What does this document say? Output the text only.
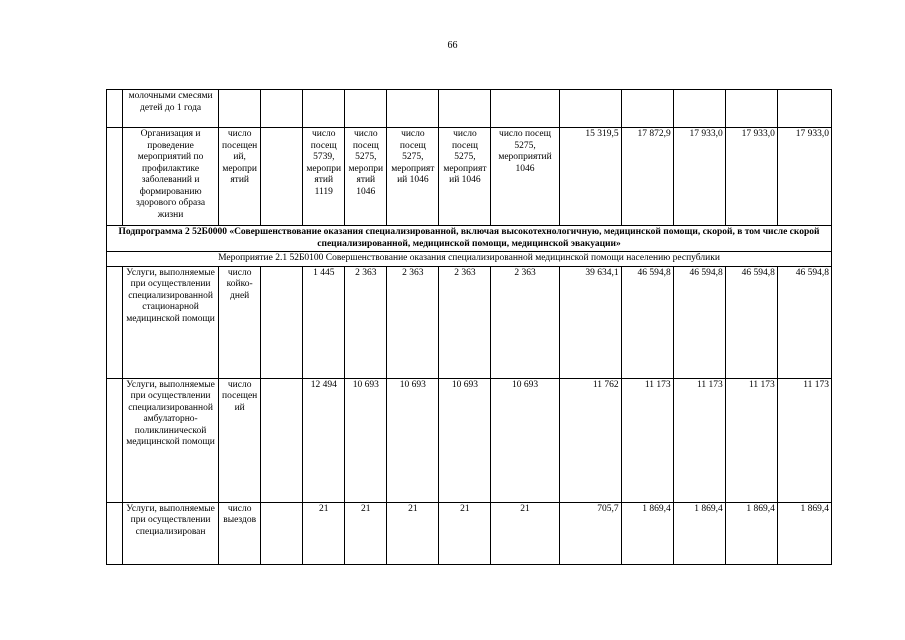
66
	молочными смесями детей до 1 года												
	Организация и проведение мероприятий по профилактике заболеваний и формированию здорового образа жизни	число посещений, мероприятий		число посещ 5739, мероприятий 1119	число посещ 5275, мероприятий 1046	число посещ 5275, мероприятий 1046	число посещ 5275, мероприятий 1046	число посещ 5275, мероприятий 1046	15 319,5	17 872,9	17 933,0	17 933,0	17 933,0
Подпрограмма 2 52Б0000 «Совершенствование оказания специализированной, включая высокотехнологичную, медицинской помощи, скорой, в том числе скорой специализированной, медицинской помощи, медицинской эвакуации»													
Мероприятие 2.1 52Б0100 Совершенствование оказания специализированной медицинской помощи населению республики													
	Услуги, выполняемые при осуществлении специализированной стационарной медицинской помощи	число койко-дней		1 445	2 363	2 363	2 363	2 363	39 634,1	46 594,8	46 594,8	46 594,8	46 594,8
	Услуги, выполняемые при осуществлении специализированной амбулаторно-поликлинической медицинской помощи	число посещений		12 494	10 693	10 693	10 693	10 693	11 762	11 173	11 173	11 173	11 173
	Услуги, выполняемые при осуществлении специализирован	число выездов		21	21	21	21	21	705,7	1 869,4	1 869,4	1 869,4	1 869,4
